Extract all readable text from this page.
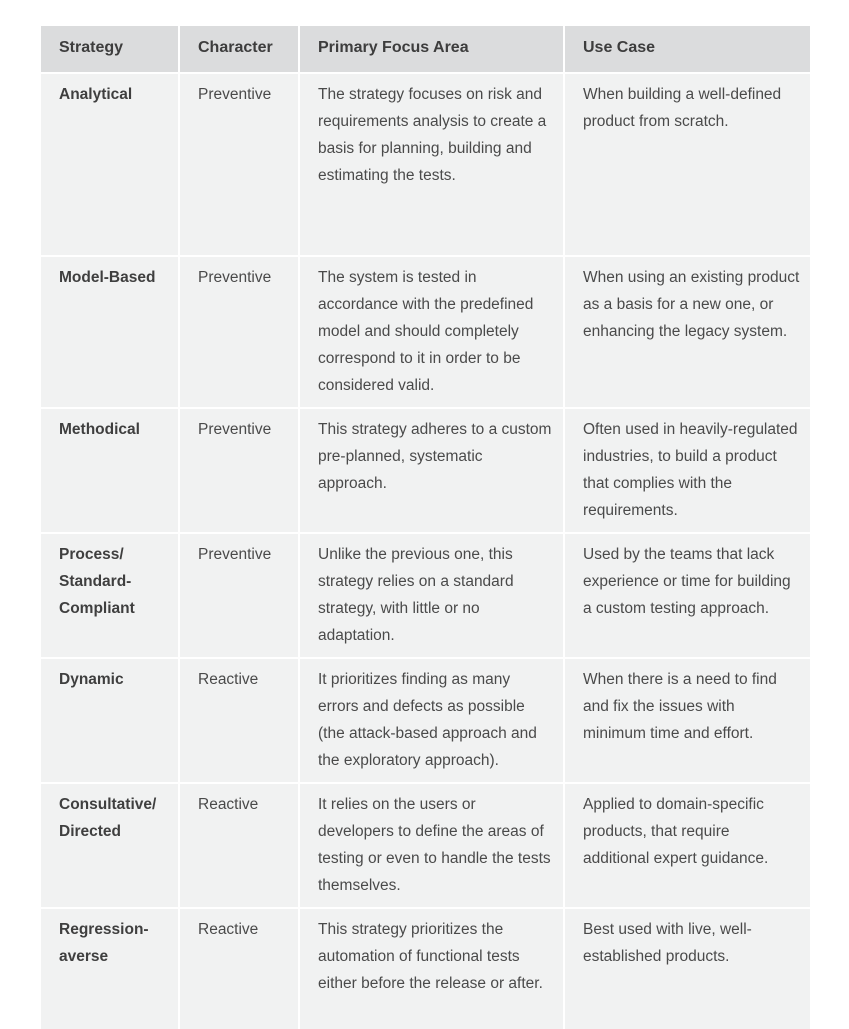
Strategy	Character	Primary Focus Area	Use Case
Analytical	Preventive	The strategy focuses on risk and requirements analysis to create a basis for planning, building and estimating the tests.	When building a well-defined product from scratch.
Model-Based	Preventive	The system is tested in accordance with the predefined model and should completely correspond to it in order to be considered valid.	When using an existing product as a basis for a new one, or enhancing the legacy system.
Methodical	Preventive	This strategy adheres to a custom pre-planned, systematic approach.	Often used in heavily-regulated industries, to build a product that complies with the requirements.
Process/ Standard-Compliant	Preventive	Unlike the previous one, this strategy relies on a standard strategy, with little or no adaptation.	Used by the teams that lack experience or time for building a custom testing approach.
Dynamic	Reactive	It prioritizes finding as many errors and defects as possible (the attack-based approach and the exploratory approach).	When there is a need to find and fix the issues with minimum time and effort.
Consultative/ Directed	Reactive	It relies on the users or developers to define the areas of testing or even to handle the tests themselves.	Applied to domain-specific products, that require additional expert guidance.
Regression-averse	Reactive	This strategy prioritizes the automation of functional tests either before the release or after.	Best used with live, well-established products.
